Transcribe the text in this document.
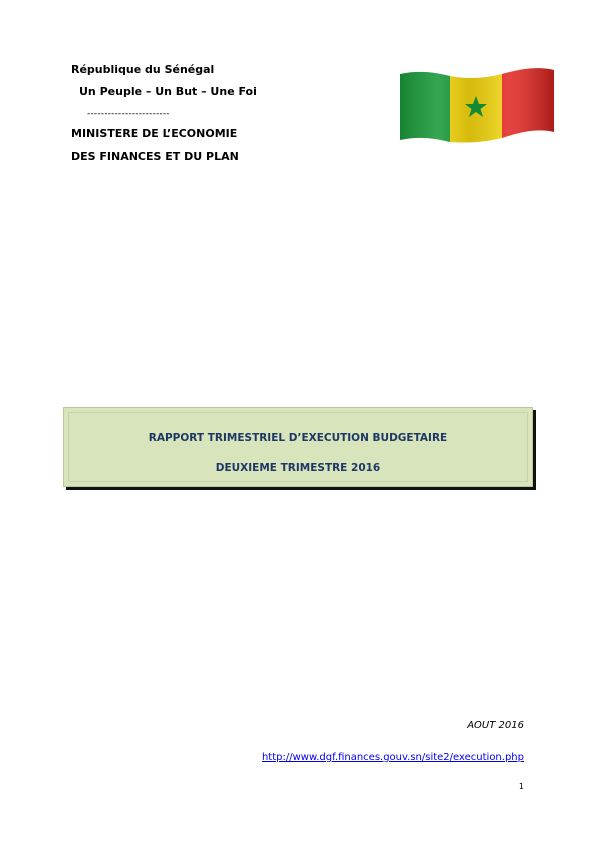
République du Sénégal
Un Peuple – Un But – Une Foi
------------------------
MINISTERE DE L’ECONOMIE
DES FINANCES ET DU PLAN
RAPPORT TRIMESTRIEL D’EXECUTION BUDGETAIRE
DEUXIEME TRIMESTRE 2016
AOUT 2016
http://www.dgf.finances.gouv.sn/site2/execution.php
1
